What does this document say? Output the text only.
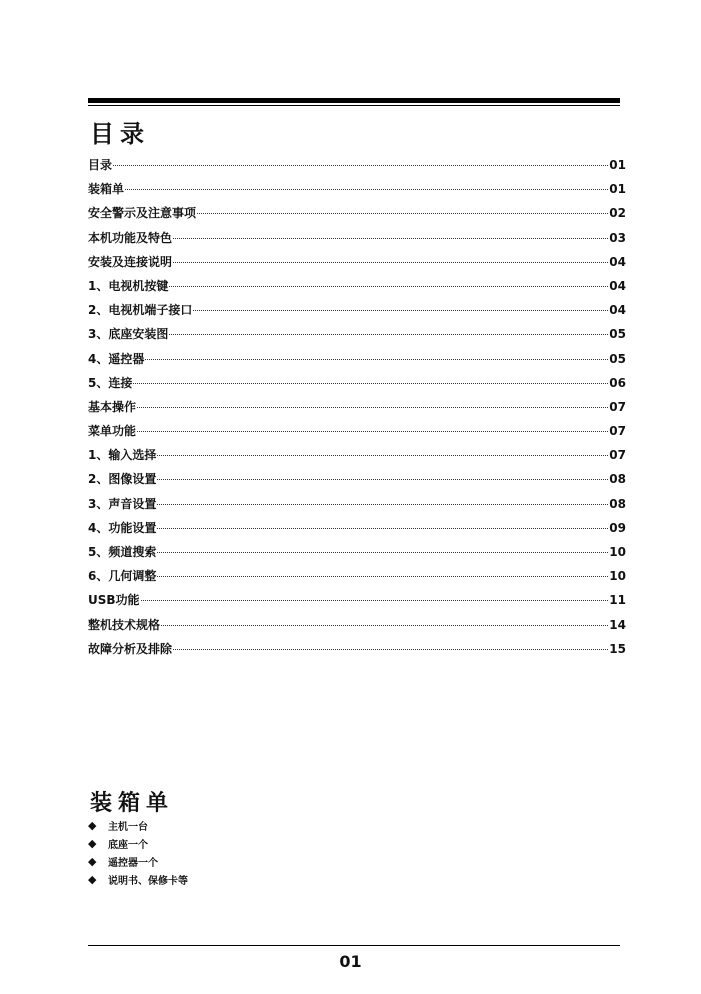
目录
目录	01
装箱单	01
安全警示及注意事项	02
本机功能及特色	03
安装及连接说明	04
1、电视机按键	04
2、电视机端子接口	04
3、底座安装图	05
4、遥控器	05
5、连接	06
基本操作	07
菜单功能	07
1、输入选择	07
2、图像设置	08
3、声音设置	08
4、功能设置	09
5、频道搜索	10
6、几何调整	10
USB功能	11
整机技术规格	14
故障分析及排除	15
装箱单
◆	主机一台
◆	底座一个
◆	遥控器一个
◆	说明书、保修卡等
01
